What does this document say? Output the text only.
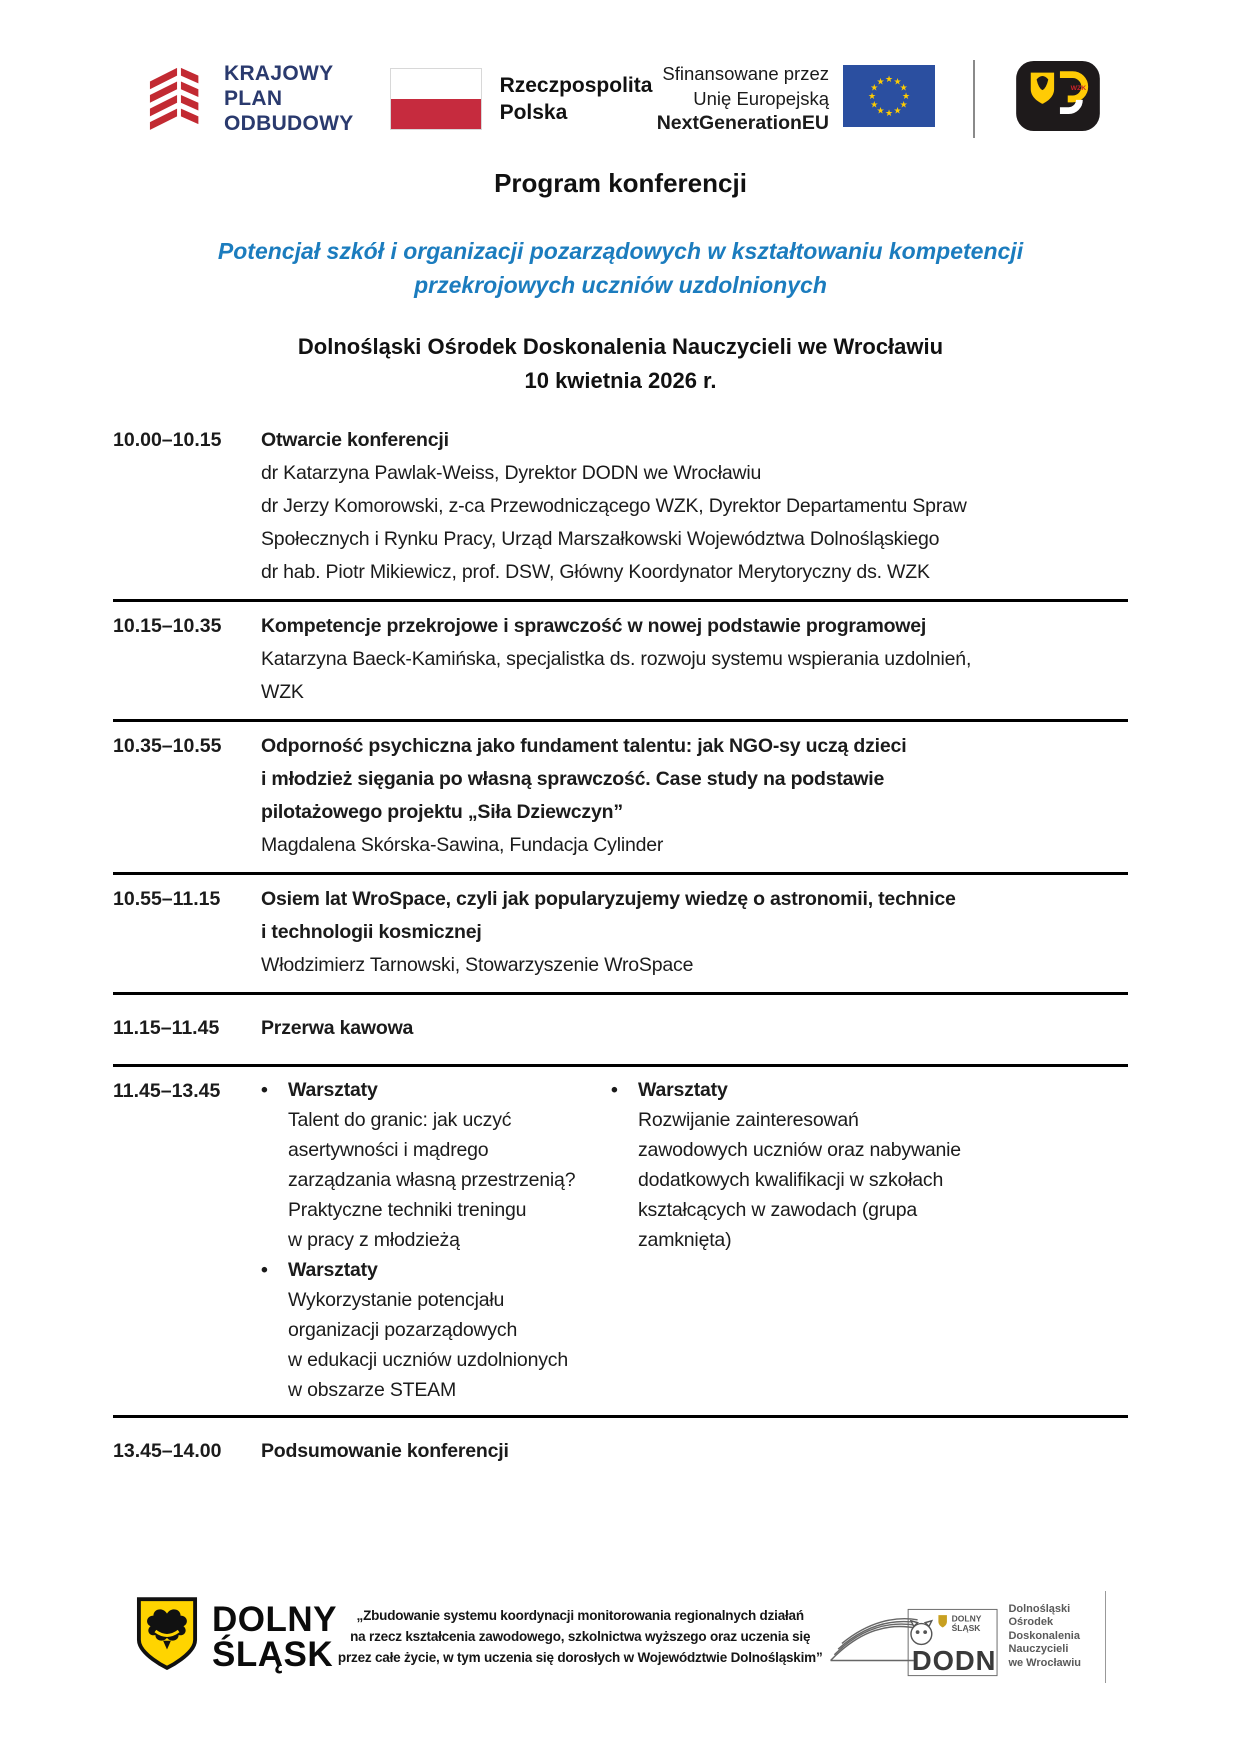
KRAJOWY
PLAN
ODBUDOWY
Rzeczpospolita
Polska
Sfinansowane przez
Unię Europejską
NextGenerationEU
★ ★
★
★
★
★
★
★
★
★
★
★
WZK
Program konferencji
Potencjał szkół i organizacji pozarządowych w kształtowaniu kompetencji przekrojowych uczniów uzdolnionych
Dolnośląski Ośrodek Doskonalenia Nauczycieli we Wrocławiu
10 kwietnia 2026 r.
10.00–10.15	Otwarcie konferencji
dr Katarzyna Pawlak-Weiss, Dyrektor DODN we Wrocławiu
dr Jerzy Komorowski, z-ca Przewodniczącego WZK, Dyrektor Departamentu Spraw Społecznych i Rynku Pracy, Urząd Marszałkowski Województwa Dolnośląskiego
dr hab. Piotr Mikiewicz, prof. DSW, Główny Koordynator Merytoryczny ds. WZK
10.15–10.35	Kompetencje przekrojowe i sprawczość w nowej podstawie programowej
Katarzyna Baeck-Kamińska, specjalistka ds. rozwoju systemu wspierania uzdolnień, WZK
10.35–10.55	Odporność psychiczna jako fundament talentu: jak NGO-sy uczą dzieci i młodzież sięgania po własną sprawczość. Case study na podstawie pilotażowego projektu „Siła Dziewczyn”
Magdalena Skórska-Sawina, Fundacja Cylinder
10.55–11.15	Osiem lat WroSpace, czyli jak popularyzujemy wiedzę o astronomii, technice i technologii kosmicznej
Włodzimierz Tarnowski, Stowarzyszenie WroSpace
11.15–11.45	Przerwa kawowa
11.45–13.45	•	Warsztaty
Talent do granic: jak uczyć asertywności i mądrego zarządzania własną przestrzenią? Praktyczne techniki treningu w pracy z młodzieżą
•	Warsztaty
Wykorzystanie potencjału organizacji pozarządowych w edukacji uczniów uzdolnionych w obszarze STEAM
•	Warsztaty
Rozwijanie zainteresowań zawodowych uczniów oraz nabywanie dodatkowych kwalifikacji w szkołach kształcących w zawodach (grupa zamknięta)
13.45–14.00	Podsumowanie konferencji
DOLNY
ŚLĄSK
„Zbudowanie systemu koordynacji monitorowania regionalnych działań
na rzecz kształcenia zawodowego, szkolnictwa wyższego oraz uczenia się
przez całe życie, w tym uczenia się dorosłych w Województwie Dolnośląskim”
DOLNY
ŚLĄSK
DODN
Dolnośląski
Ośrodek
Doskonalenia
Nauczycieli
we Wrocławiu
